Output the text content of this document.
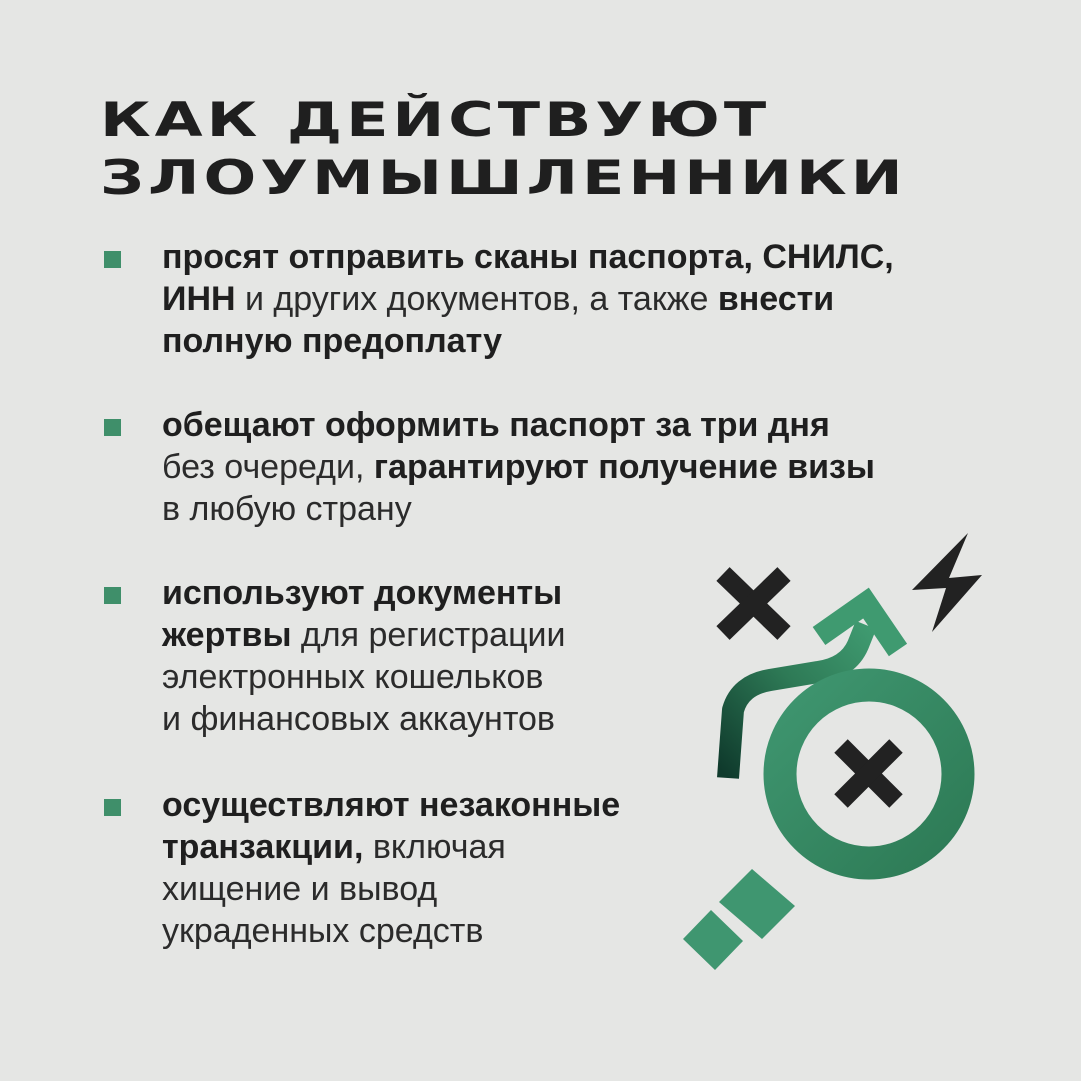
КАК ДЕЙСТВУЮТ
ЗЛОУМЫШЛЕННИКИ
просят отправить сканы паспорта, СНИЛС,
ИНН и других документов, а также внести
полную предоплату
обещают оформить паспорт за три дня
без очереди, гарантируют получение визы
в любую страну
используют документы
жертвы для регистрации
электронных кошельков
и финансовых аккаунтов
осуществляют незаконные
транзакции, включая
хищение и вывод
украденных средств
